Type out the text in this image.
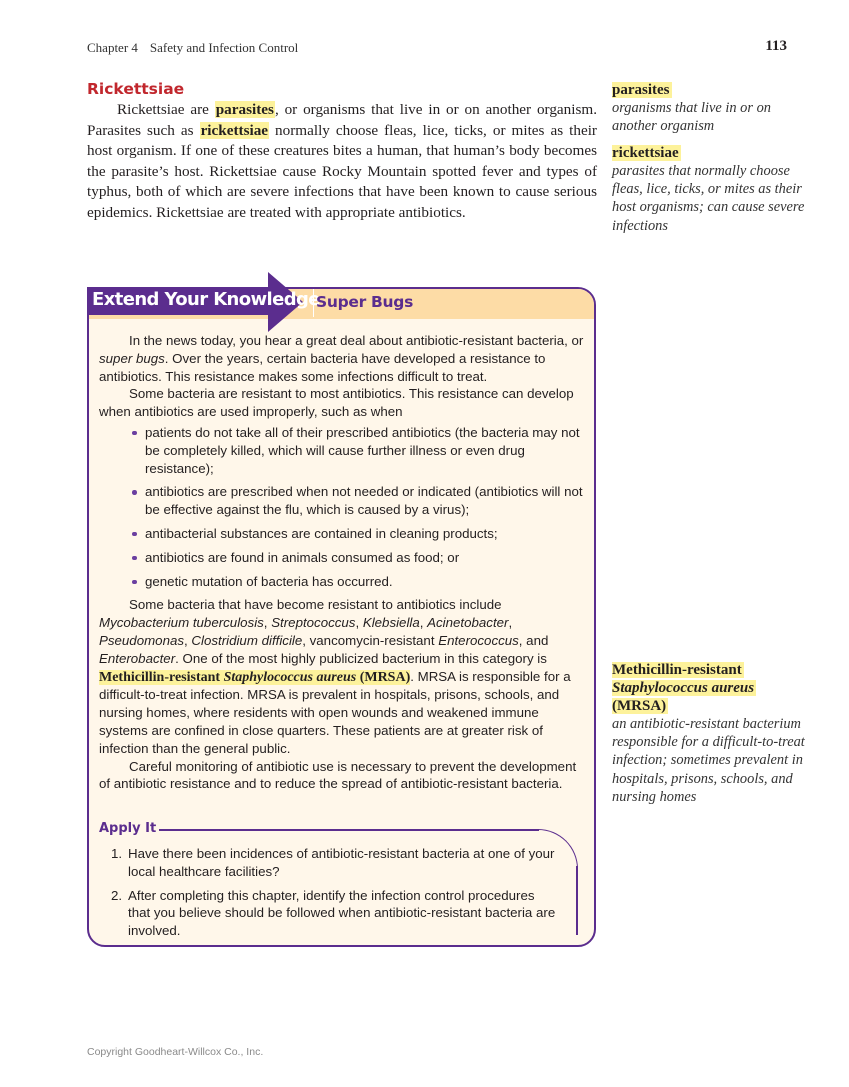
Chapter 4 Safety and Infection Control	113
Rickettsiae

Rickettsiae are parasites, or organisms that live in or on another organism. Parasites such as rickettsiae normally choose fleas, lice, ticks, or mites as their host organism. If one of these creatures bites a human, that human’s body becomes the parasite’s host. Rickettsiae cause Rocky Mountain spotted fever and types of typhus, both of which are severe infections that have been known to cause serious epidemics. Rickettsiae are treated with appropriate antibiotics.

parasites
organisms that live in or on another organism
rickettsiae
parasites that normally choose fleas, lice, ticks, or mites as their host organisms; can cause severe infections
Methicillin-resistant
Staphylococcus aureus
(MRSA)
an antibiotic-resistant bacterium responsible for a difficult-to-treat infection; sometimes prevalent in hospitals, prisons, schools, and nursing homes
Extend Your Knowledge
Super Bugs

In the news today, you hear a great deal about antibiotic-resistant bacteria, or super bugs. Over the years, certain bacteria have developed a resistance to antibiotics. This resistance makes some infections difficult to treat.

Some bacteria are resistant to most antibiotics. This resistance can develop when antibiotics are used improperly, such as when

patients do not take all of their prescribed antibiotics (the bacteria may not be completely killed, which will cause further illness or even drug resistance);
antibiotics are prescribed when not needed or indicated (antibiotics will not be effective against the flu, which is caused by a virus);
antibacterial substances are contained in cleaning products;
antibiotics are found in animals consumed as food; or
genetic mutation of bacteria has occurred.

Some bacteria that have become resistant to antibiotics include Mycobacterium tuberculosis, Streptococcus, Klebsiella, Acinetobacter, Pseudomonas, Clostridium difficile, vancomycin-resistant Enterococcus, and Enterobacter. One of the most highly publicized bacterium in this category is Methicillin-resistant Staphylococcus aureus (MRSA). MRSA is responsible for a difficult-to-treat infection. MRSA is prevalent in hospitals, prisons, schools, and nursing homes, where residents with open wounds and weakened immune systems are confined in close quarters. These patients are at greater risk of infection than the general public.

Careful monitoring of antibiotic use is necessary to prevent the development of antibiotic resistance and to reduce the spread of antibiotic-resistant bacteria.

Apply It
1. Have there been incidences of antibiotic-resistant bacteria at one of your local healthcare facilities?
2. After completing this chapter, identify the infection control procedures that you believe should be followed when antibiotic-resistant bacteria are involved.
Copyright Goodheart-Willcox Co., Inc.
